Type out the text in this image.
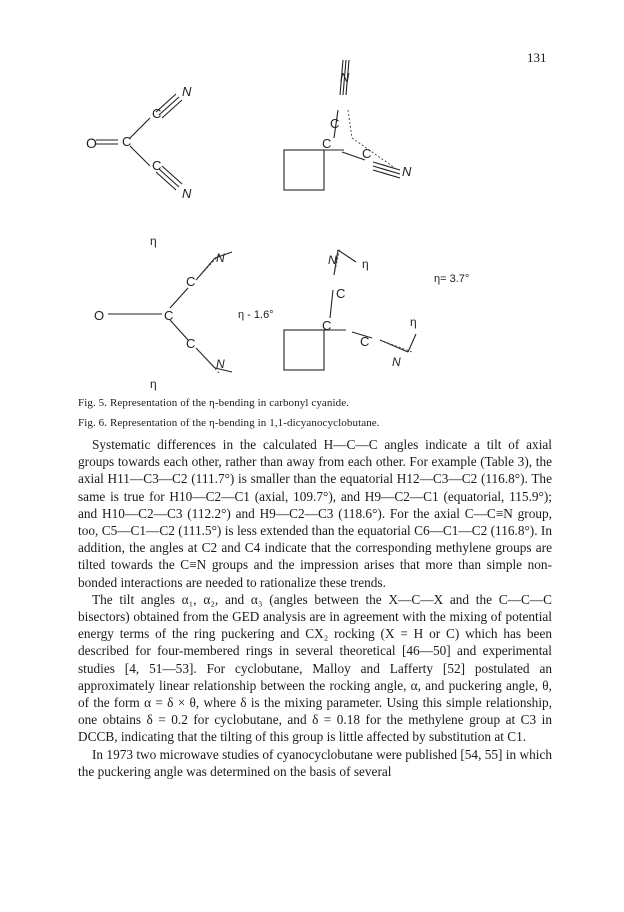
131
O C
C
C
N
N
C
C
N
C
N
η
O	C
C
C
N
N
η
η - 1.6°
N η
C
C
C
η
N
η= 3.7°
Fig. 5. Representation of the η-bending in carbonyl cyanide.
Fig. 6. Representation of the η-bending in 1,1-dicyanocyclobutane.

Systematic differences in the calculated H—C—C angles indicate a tilt of axial groups towards each other, rather than away from each other. For example (Table 3), the axial H11—C3—C2 (111.7°) is smaller than the equatorial H12—C3—C2 (116.8°). The same is true for H10—C2—C1 (axial, 109.7°), and H9—C2—C1 (equatorial, 115.9°); and H10—C2—C3 (112.2°) and H9—C2—C3 (118.6°). For the axial C—C≡N group, too, C5—C1—C2 (111.5°) is less extended than the equatorial C6—C1—C2 (116.8°). In addition, the angles at C2 and C4 indicate that the corresponding methylene groups are tilted towards the C≡N groups and the impression arises that more than simple non-bonded interactions are needed to rationalize these trends.

The tilt angles α₁, α₂, and α₃ (angles between the X—C—X and the C—C—C bisectors) obtained from the GED analysis are in agreement with the mixing of potential energy terms of the ring puckering and CX₂ rocking (X = H or C) which has been described for four-membered rings in several theoretical [46—50] and experimental studies [4, 51—53]. For cyclobutane, Malloy and Lafferty [52] postulated an approximately linear relationship between the rocking angle, α, and puckering angle, θ, of the form α = δ × θ, where δ is the mixing parameter. Using this simple relationship, one obtains δ = 0.2 for cyclobutane, and δ = 0.18 for the methylene group at C3 in DCCB, indicating that the tilting of this group is little affected by substitution at C1.

In 1973 two microwave studies of cyanocyclobutane were published [54, 55] in which the puckering angle was determined on the basis of several
